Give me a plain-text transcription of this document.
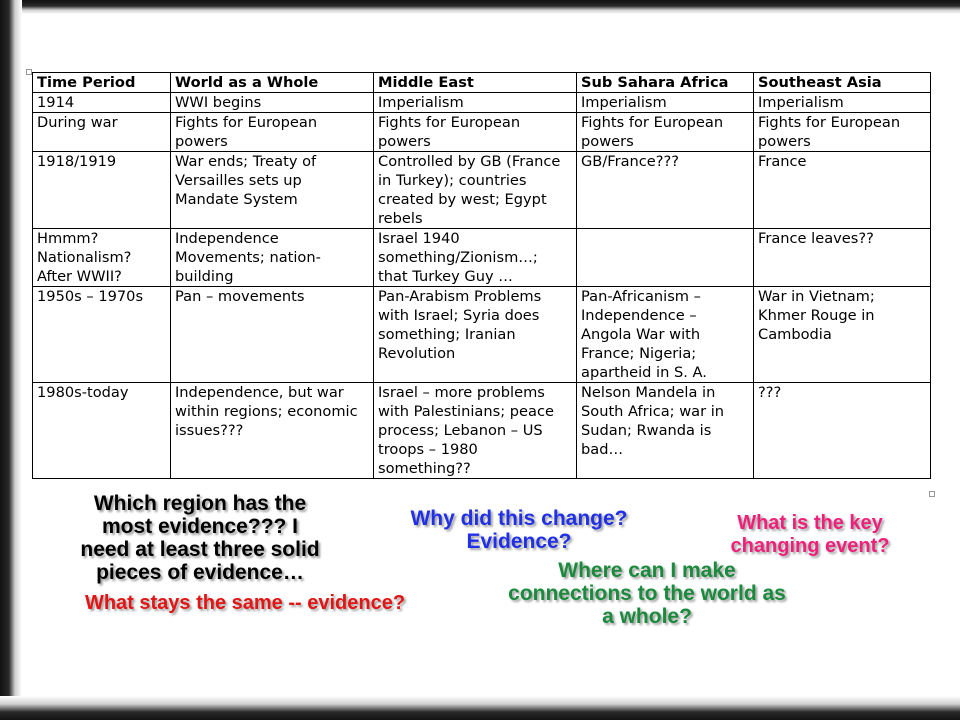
Time Period	World as a Whole	Middle East	Sub Sahara Africa	Southeast Asia
1914	WWI begins	Imperialism	Imperialism	Imperialism
During war	Fights for European powers	Fights for European powers	Fights for European powers	Fights for European powers
1918/1919	War ends; Treaty of Versailles sets up Mandate System	Controlled by GB (France in Turkey); countries created by west; Egypt rebels	GB/France???	France
Hmmm? Nationalism? After WWII?	Independence Movements; nation-building	Israel 1940 something/Zionism…; that Turkey Guy …		France leaves??
1950s – 1970s	Pan – movements	Pan-Arabism Problems with Israel; Syria does something; Iranian Revolution	Pan-Africanism – Independence – Angola War with France; Nigeria; apartheid in S. A.	War in Vietnam; Khmer Rouge in Cambodia
1980s-today	Independence, but war within regions; economic issues???	Israel – more problems with Palestinians; peace process; Lebanon – US troops – 1980 something??	Nelson Mandela in South Africa; war in Sudan; Rwanda is bad…	???
Which region has the
most evidence??? I
need at least three solid
pieces of evidence…
What stays the same -- evidence?
Why did this change?
Evidence?
What is the key
changing event?
Where can I make
connections to the world as
a whole?
